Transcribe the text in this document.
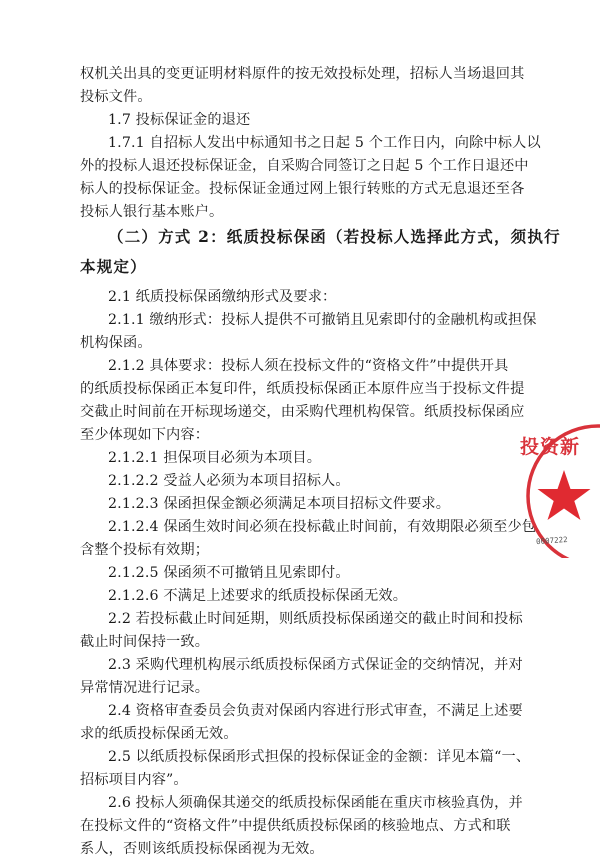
权机关出具的变更证明材料原件的按无效投标处理，招标人当场退回其
投标文件。
1.7 投标保证金的退还
1.7.1 自招标人发出中标通知书之日起 5 个工作日内，向除中标人以
外的投标人退还投标保证金，自采购合同签订之日起 5 个工作日退还中
标人的投标保证金。投标保证金通过网上银行转账的方式无息退还至各
投标人银行基本账户。
（二）方式 2：纸质投标保函（若投标人选择此方式，须执行
本规定）
2.1 纸质投标保函缴纳形式及要求：
2.1.1 缴纳形式：投标人提供不可撤销且见索即付的金融机构或担保
机构保函。
2.1.2 具体要求：投标人须在投标文件的“资格文件”中提供开具
的纸质投标保函正本复印件，纸质投标保函正本原件应当于投标文件提
交截止时间前在开标现场递交，由采购代理机构保管。纸质投标保函应
至少体现如下内容：
2.1.2.1 担保项目必须为本项目。
2.1.2.2 受益人必须为本项目招标人。
2.1.2.3 保函担保金额必须满足本项目招标文件要求。
2.1.2.4 保函生效时间必须在投标截止时间前，有效期限必须至少包
含整个投标有效期；
2.1.2.5 保函须不可撤销且见索即付。
2.1.2.6 不满足上述要求的纸质投标保函无效。
2.2 若投标截止时间延期，则纸质投标保函递交的截止时间和投标
截止时间保持一致。
2.3 采购代理机构展示纸质投标保函方式保证金的交纳情况，并对
异常情况进行记录。
2.4 资格审查委员会负责对保函内容进行形式审查，不满足上述要
求的纸质投标保函无效。
2.5 以纸质投标保函形式担保的投标保证金的金额：详见本篇“一、
招标项目内容”。
2.6 投标人须确保其递交的纸质投标保函能在重庆市核验真伪，并
在投标文件的“资格文件”中提供纸质投标保函的核验地点、方式和联
系人，否则该纸质投标保函视为无效。
投资新
0007222
